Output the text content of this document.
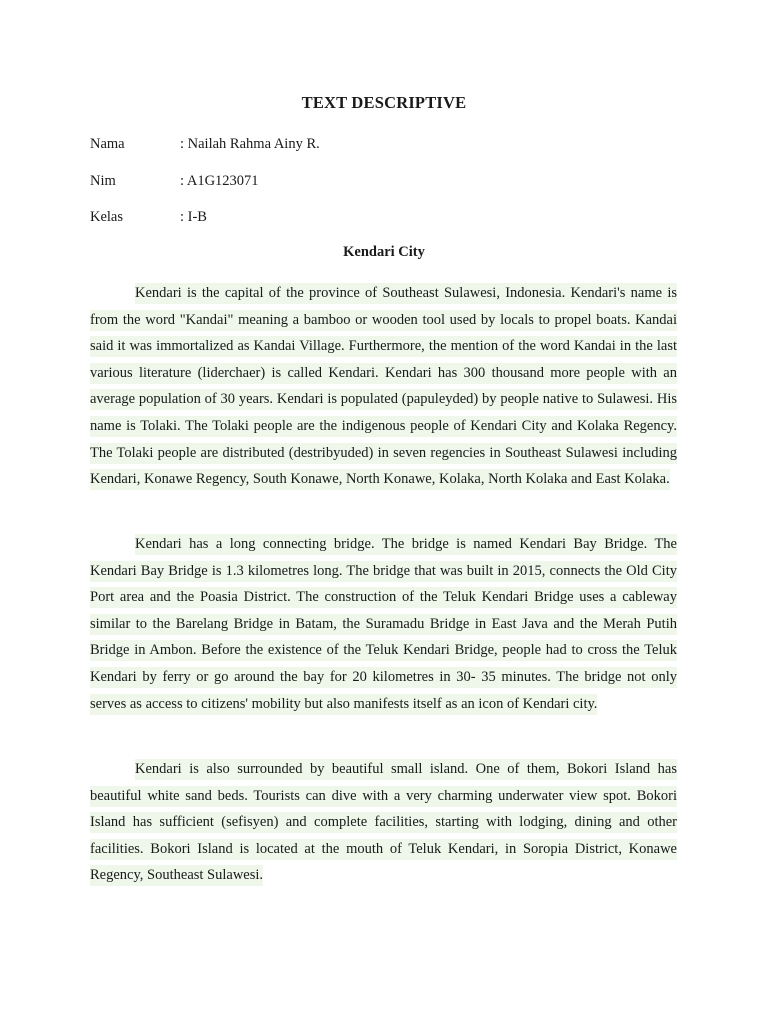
TEXT DESCRIPTIVE
Nama	: Nailah Rahma Ainy R.
Nim	: A1G123071
Kelas	: I-B
Kendari City

Kendari is the capital of the province of Southeast Sulawesi, Indonesia. Kendari's name is from the word "Kandai" meaning a bamboo or wooden tool used by locals to propel boats. Kandai said it was immortalized as Kandai Village. Furthermore, the mention of the word Kandai in the last various literature (liderchaer) is called Kendari. Kendari has 300 thousand more people with an average population of 30 years. Kendari is populated (papuleyded) by people native to Sulawesi. His name is Tolaki. The Tolaki people are the indigenous people of Kendari City and Kolaka Regency. The Tolaki people are distributed (destribyuded) in seven regencies in Southeast Sulawesi including Kendari, Konawe Regency, South Konawe, North Konawe, Kolaka, North Kolaka and East Kolaka.

Kendari has a long connecting bridge. The bridge is named Kendari Bay Bridge. The Kendari Bay Bridge is 1.3 kilometres long. The bridge that was built in 2015, connects the Old City Port area and the Poasia District. The construction of the Teluk Kendari Bridge uses a cableway similar to the Barelang Bridge in Batam, the Suramadu Bridge in East Java and the Merah Putih Bridge in Ambon. Before the existence of the Teluk Kendari Bridge, people had to cross the Teluk Kendari by ferry or go around the bay for 20 kilometres in 30- 35 minutes. The bridge not only serves as access to citizens' mobility but also manifests itself as an icon of Kendari city.

Kendari is also surrounded by beautiful small island. One of them, Bokori Island has beautiful white sand beds. Tourists can dive with a very charming underwater view spot. Bokori Island has sufficient (sefisyen) and complete facilities, starting with lodging, dining and other facilities. Bokori Island is located at the mouth of Teluk Kendari, in Soropia District, Konawe Regency, Southeast Sulawesi.
